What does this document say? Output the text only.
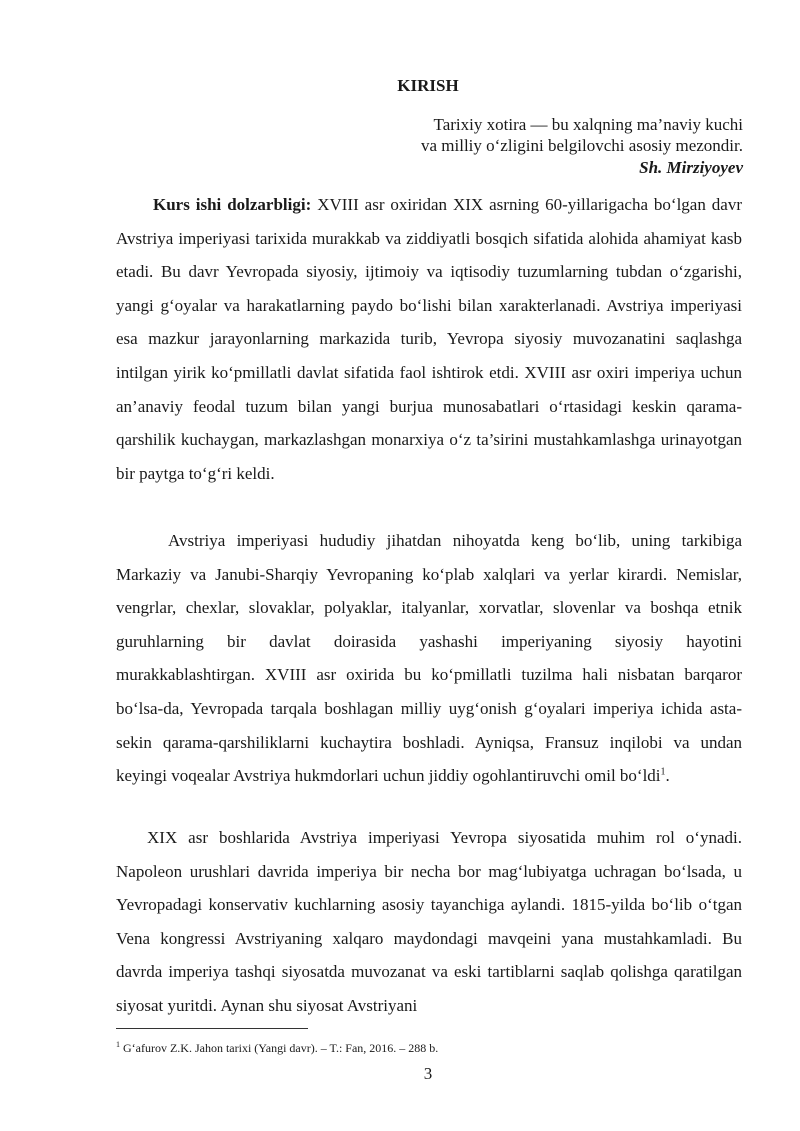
KIRISH
Tarixiy xotira — bu xalqning ma’naviy kuchi
va milliy o‘zligini belgilovchi asosiy mezondir.
Sh. Mirziyoyev

Kurs ishi dolzarbligi: XVIII asr oxiridan XIX asrning 60-yillarigacha bo‘lgan davr Avstriya imperiyasi tarixida murakkab va ziddiyatli bosqich sifatida alohida ahamiyat kasb etadi. Bu davr Yevropada siyosiy, ijtimoiy va iqtisodiy tuzumlarning tubdan o‘zgarishi, yangi g‘oyalar va harakatlarning paydo bo‘lishi bilan xarakterlanadi. Avstriya imperiyasi esa mazkur jarayonlarning markazida turib, Yevropa siyosiy muvozanatini saqlashga intilgan yirik ko‘pmillatli davlat sifatida faol ishtirok etdi. XVIII asr oxiri imperiya uchun an’anaviy feodal tuzum bilan yangi burjua munosabatlari o‘rtasidagi keskin qarama-qarshilik kuchaygan, markazlashgan monarxiya o‘z ta’sirini mustahkamlashga urinayotgan bir paytga to‘g‘ri keldi.

Avstriya imperiyasi hududiy jihatdan nihoyatda keng bo‘lib, uning tarkibiga Markaziy va Janubi-Sharqiy Yevropaning ko‘plab xalqlari va yerlar kirardi. Nemislar, vengrlar, chexlar, slovaklar, polyaklar, italyanlar, xorvatlar, slovenlar va boshqa etnik guruhlarning bir davlat doirasida yashashi imperiyaning siyosiy hayotini murakkablashtirgan. XVIII asr oxirida bu ko‘pmillatli tuzilma hali nisbatan barqaror bo‘lsa-da, Yevropada tarqala boshlagan milliy uyg‘onish g‘oyalari imperiya ichida asta-sekin qarama-qarshiliklarni kuchaytira boshladi. Ayniqsa, Fransuz inqilobi va undan keyingi voqealar Avstriya hukmdorlari uchun jiddiy ogohlantiruvchi omil bo‘ldi$^1$.

XIX asr boshlarida Avstriya imperiyasi Yevropa siyosatida muhim rol o‘ynadi. Napoleon urushlari davrida imperiya bir necha bor mag‘lubiyatga uchragan bo‘lsada, u Yevropadagi konservativ kuchlarning asosiy tayanchiga aylandi. 1815-yilda bo‘lib o‘tgan Vena kongressi Avstriyaning xalqaro maydondagi mavqeini yana mustahkamladi. Bu davrda imperiya tashqi siyosatda muvozanat va eski tartiblarni saqlab qolishga qaratilgan siyosat yuritdi. Aynan shu siyosat Avstriyani

$^1$ G‘afurov Z.K. Jahon tarixi (Yangi davr). – T.: Fan, 2016. – 288 b.
3
